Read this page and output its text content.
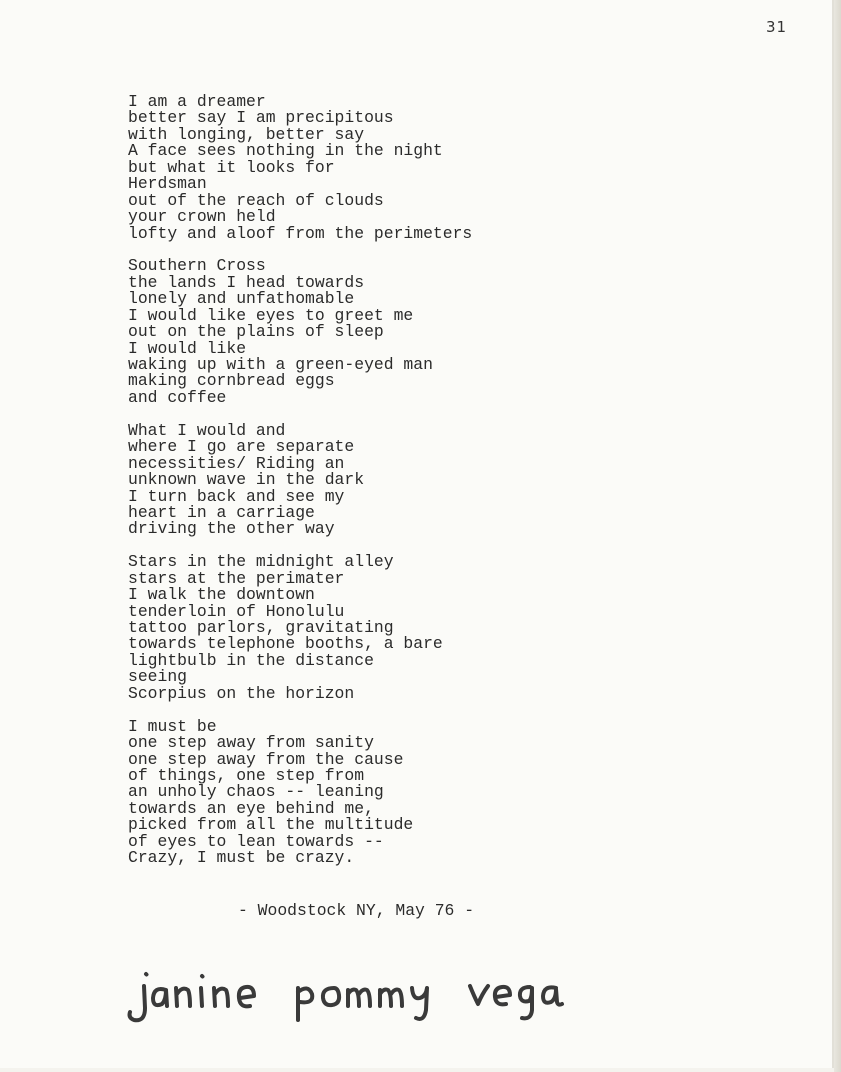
31
I am a dreamer
better say I am precipitous
with longing, better say
A face sees nothing in the night
but what it looks for
Herdsman
out of the reach of clouds
your crown held
lofty and aloof from the perimeters
Southern Cross
the lands I head towards
lonely and unfathomable
I would like eyes to greet me
out on the plains of sleep
I would like
waking up with a green-eyed man
making cornbread eggs
and coffee
What I would and
where I go are separate
necessities/ Riding an
unknown wave in the dark
I turn back and see my
heart in a carriage
driving the other way
Stars in the midnight alley
stars at the perimater
I walk the downtown
tenderloin of Honolulu
tattoo parlors, gravitating
towards telephone booths, a bare
lightbulb in the distance
seeing
Scorpius on the horizon
I must be
one step away from sanity
one step away from the cause
of things, one step from
an unholy chaos -- leaning
towards an eye behind me,
picked from all the multitude
of eyes to lean towards --
Crazy, I must be crazy.
- Woodstock NY, May 76 -
